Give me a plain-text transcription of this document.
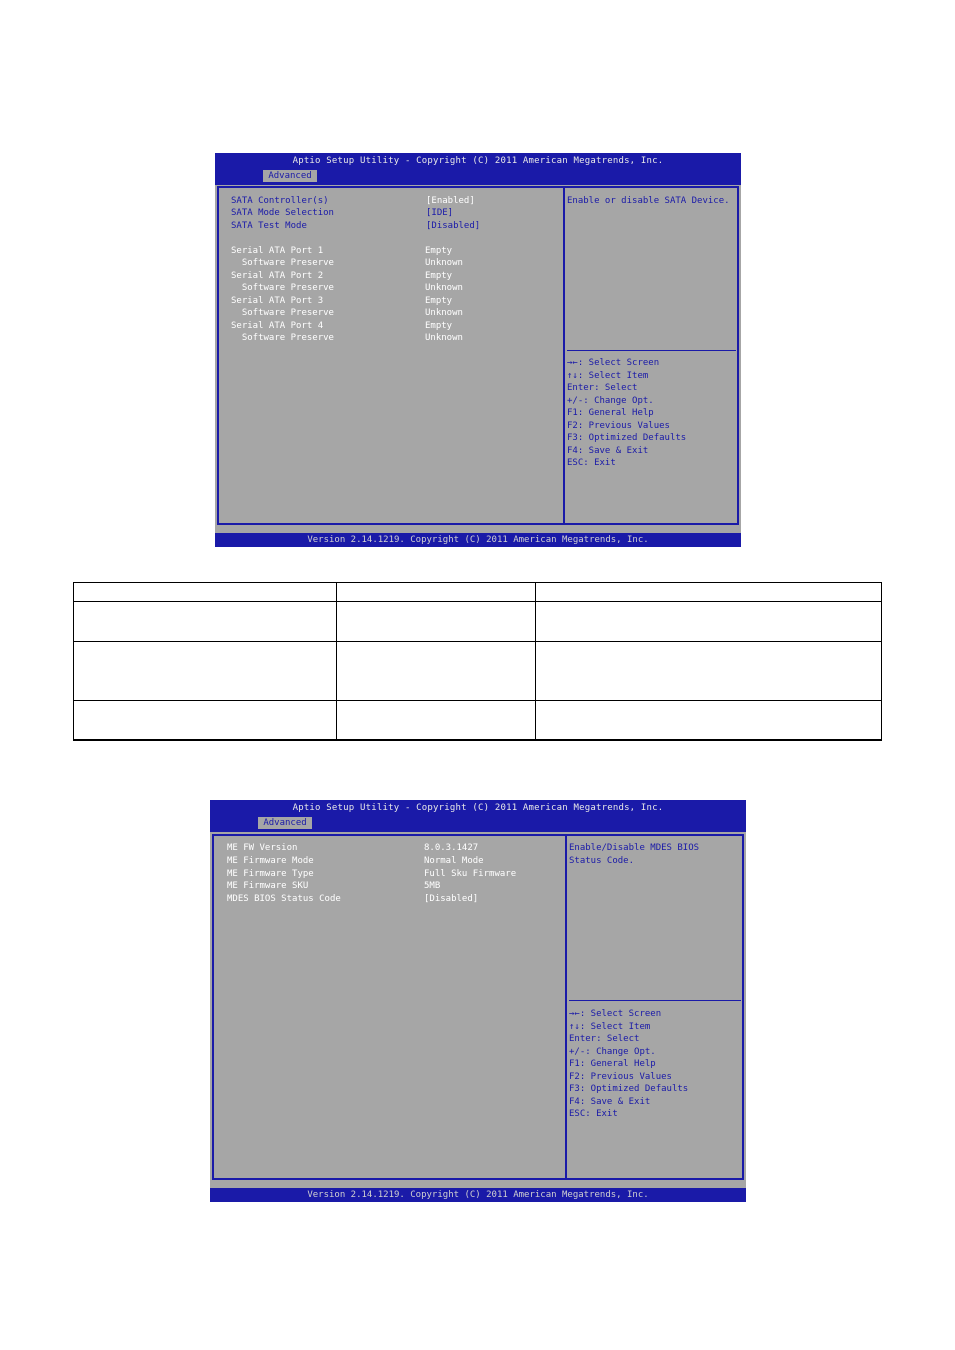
Aptio Setup Utility - Copyright (C) 2011 American Megatrends, Inc.
Advanced
SATA Controller(s)	[Enabled]
SATA Mode Selection	[IDE]
SATA Test Mode	[Disabled]
Serial ATA Port 1	Empty
Software Preserve	Unknown
Serial ATA Port 2	Empty
Software Preserve	Unknown
Serial ATA Port 3	Empty
Software Preserve	Unknown
Serial ATA Port 4	Empty
Software Preserve	Unknown
Enable or disable SATA Device.
→←: Select Screen
↑↓: Select Item
Enter: Select
+/-: Change Opt.
F1: General Help
F2: Previous Values
F3: Optimized Defaults
F4: Save & Exit
ESC: Exit
Version 2.14.1219. Copyright (C) 2011 American Megatrends, Inc.

Aptio Setup Utility - Copyright (C) 2011 American Megatrends, Inc.
Advanced
ME FW Version	8.0.3.1427
ME Firmware Mode	Normal Mode
ME Firmware Type	Full Sku Firmware
ME Firmware SKU	5MB
MDES BIOS Status Code	[Disabled]
Enable/Disable MDES BIOS
Status Code.
→←: Select Screen
↑↓: Select Item
Enter: Select
+/-: Change Opt.
F1: General Help
F2: Previous Values
F3: Optimized Defaults
F4: Save & Exit
ESC: Exit
Version 2.14.1219. Copyright (C) 2011 American Megatrends, Inc.
